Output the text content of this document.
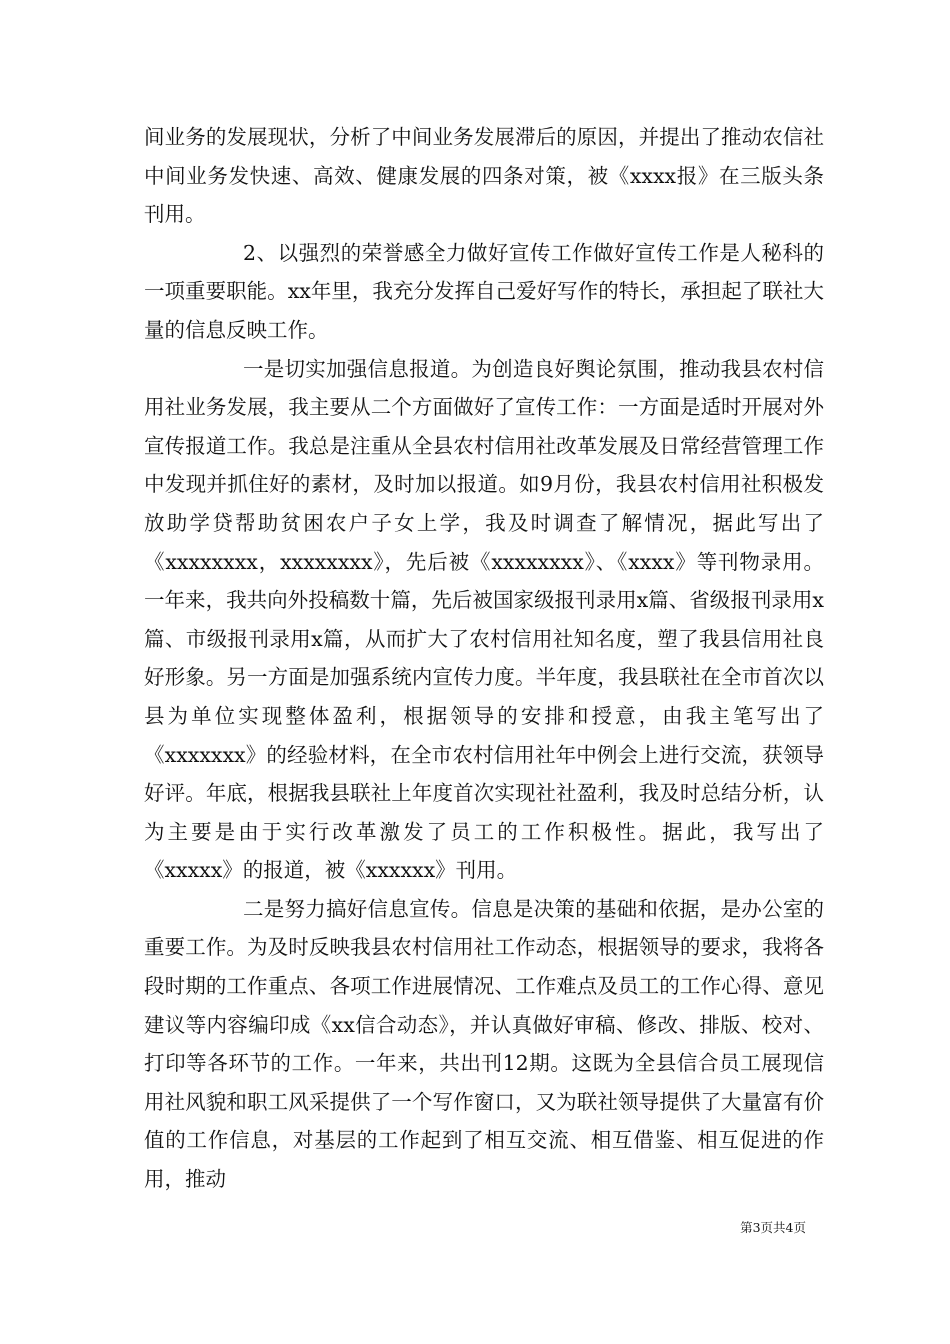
间业务的发展现状，分析了中间业务发展滞后的原因，并提出了推动农信社中间业务发快速、高效、健康发展的四条对策，被《xxxx报》在三版头条刊用。

2、以强烈的荣誉感全力做好宣传工作做好宣传工作是人秘科的一项重要职能。xx年里，我充分发挥自己爱好写作的特长，承担起了联社大量的信息反映工作。

一是切实加强信息报道。为创造良好舆论氛围，推动我县农村信用社业务发展，我主要从二个方面做好了宣传工作：一方面是适时开展对外宣传报道工作。我总是注重从全县农村信用社改革发展及日常经营管理工作中发现并抓住好的素材，及时加以报道。如9月份，我县农村信用社积极发放助学贷帮助贫困农户子女上学，我及时调查了解情况，据此写出了《xxxxxxxx，xxxxxxxx》，先后被《xxxxxxxx》、《xxxx》等刊物录用。一年来，我共向外投稿数十篇，先后被国家级报刊录用x篇、省级报刊录用x篇、市级报刊录用x篇，从而扩大了农村信用社知名度，塑了我县信用社良好形象。另一方面是加强系统内宣传力度。半年度，我县联社在全市首次以县为单位实现整体盈利，根据领导的安排和授意，由我主笔写出了《xxxxxxx》的经验材料，在全市农村信用社年中例会上进行交流，获领导好评。年底，根据我县联社上年度首次实现社社盈利，我及时总结分析，认为主要是由于实行改革激发了员工的工作积极性。据此，我写出了《xxxxx》的报道，被《xxxxxx》刊用。

二是努力搞好信息宣传。信息是决策的基础和依据，是办公室的重要工作。为及时反映我县农村信用社工作动态，根据领导的要求，我将各段时期的工作重点、各项工作进展情况、工作难点及员工的工作心得、意见建议等内容编印成《xx信合动态》，并认真做好审稿、修改、排版、校对、打印等各环节的工作。一年来，共出刊12期。这既为全县信合员工展现信用社风貌和职工风采提供了一个写作窗口，又为联社领导提供了大量富有价值的工作信息，对基层的工作起到了相互交流、相互借鉴、相互促进的作用，推动

第3页共4页
